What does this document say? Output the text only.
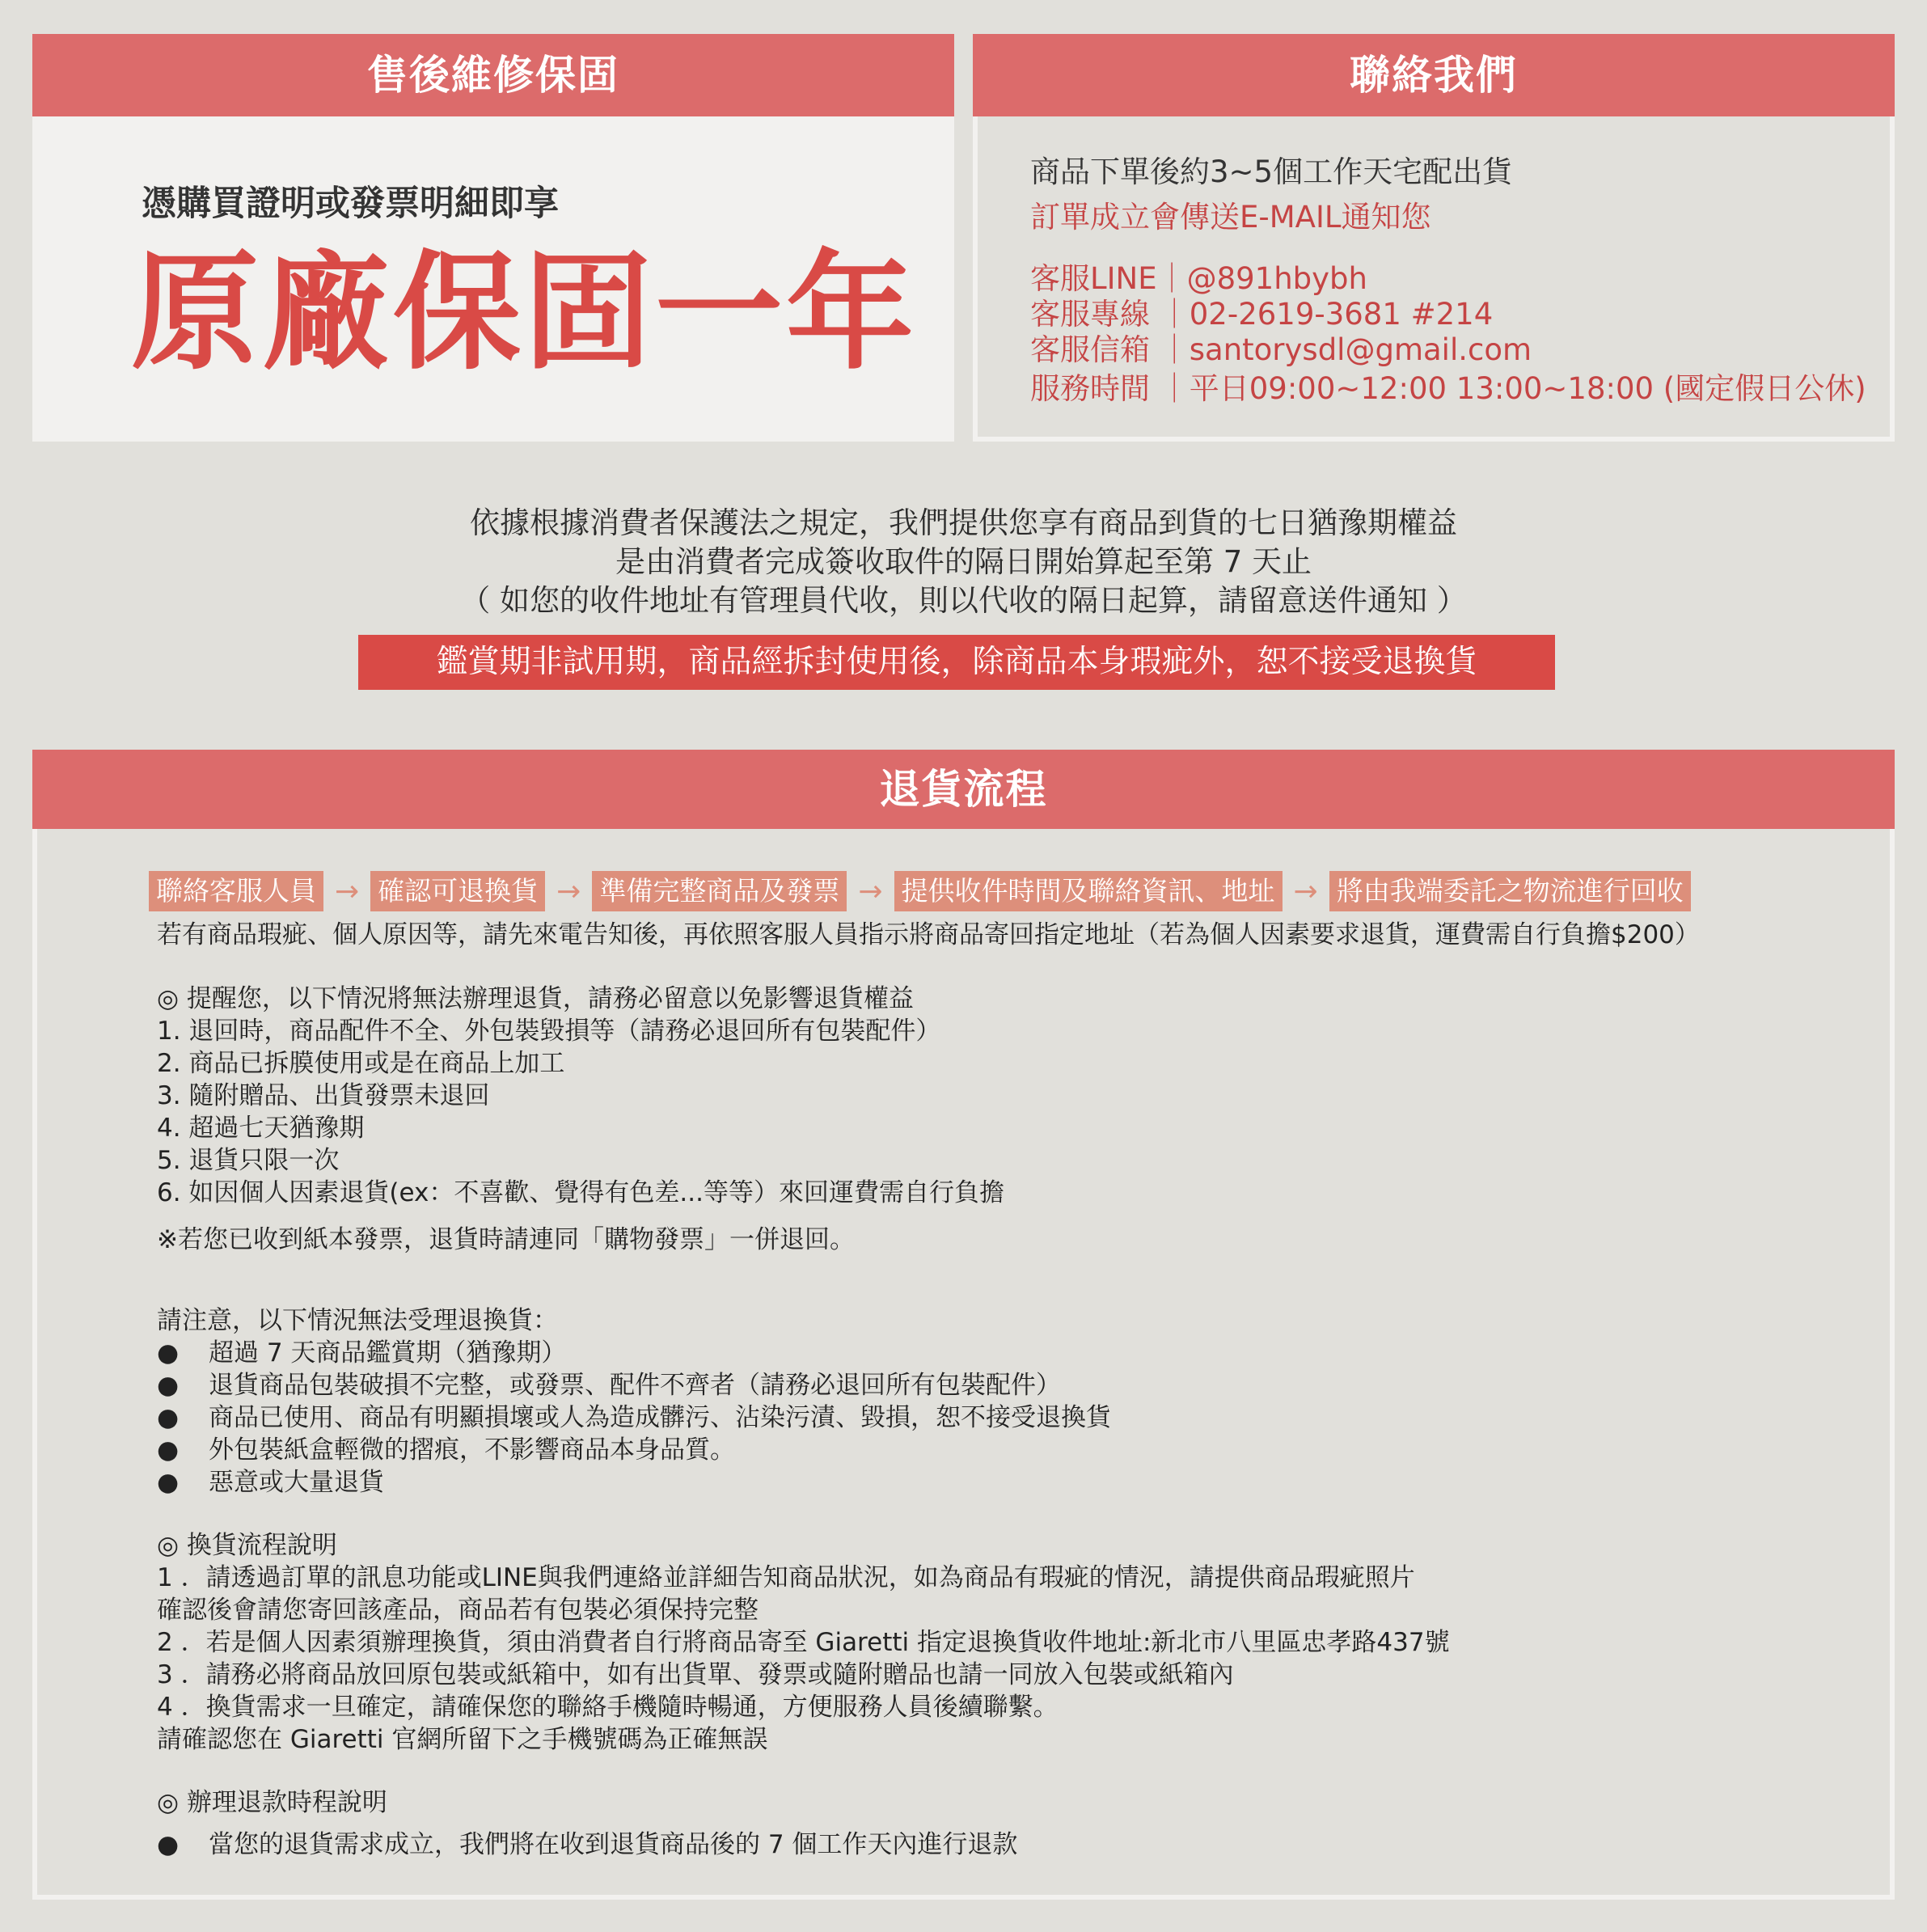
售後維修保固
憑購買證明或發票明細即享
原廠保固一年
聯絡我們
商品下單後約3~5個工作天宅配出貨
訂單成立會傳送E-MAIL通知您
客服LINE｜@891hbybh
客服專線 ｜02-2619-3681 #214
客服信箱 ｜santorysdl@gmail.com
服務時間 ｜平日09:00~12:00 13:00~18:00 (國定假日公休)
依據根據消費者保護法之規定，我們提供您享有商品到貨的七日猶豫期權益
是由消費者完成簽收取件的隔日開始算起至第 7 天止
（ 如您的收件地址有管理員代收，則以代收的隔日起算，請留意送件通知 ）
鑑賞期非試用期，商品經拆封使用後，除商品本身瑕疵外，恕不接受退換貨
退貨流程
聯絡客服人員 → 確認可退換貨 → 準備完整商品及發票 → 提供收件時間及聯絡資訊、地址 → 將由我端委託之物流進行回收
若有商品瑕疵、個人原因等，請先來電告知後，再依照客服人員指示將商品寄回指定地址（若為個人因素要求退貨，運費需自行負擔$200）
◎ 提醒您，以下情況將無法辦理退貨，請務必留意以免影響退貨權益
1. 退回時，商品配件不全、外包裝毀損等（請務必退回所有包裝配件）
2. 商品已拆膜使用或是在商品上加工
3. 隨附贈品、出貨發票未退回
4. 超過七天猶豫期
5. 退貨只限一次
6. 如因個人因素退貨(ex：不喜歡、覺得有色差...等等）來回運費需自行負擔
※若您已收到紙本發票，退貨時請連同「購物發票」一併退回。
請注意，以下情況無法受理退換貨：
● 超過 7 天商品鑑賞期（猶豫期）
● 退貨商品包裝破損不完整，或發票、配件不齊者（請務必退回所有包裝配件）
● 商品已使用、商品有明顯損壞或人為造成髒污、沾染污漬、毀損，恕不接受退換貨
● 外包裝紙盒輕微的摺痕，不影響商品本身品質。
● 惡意或大量退貨
◎ 換貨流程說明
1 ．請透過訂單的訊息功能或LINE與我們連絡並詳細告知商品狀況，如為商品有瑕疵的情況，請提供商品瑕疵照片
確認後會請您寄回該產品，商品若有包裝必須保持完整
2 ．若是個人因素須辦理換貨，須由消費者自行將商品寄至 Giaretti 指定退換貨收件地址:新北市八里區忠孝路437號
3 ．請務必將商品放回原包裝或紙箱中，如有出貨單、發票或隨附贈品也請一同放入包裝或紙箱內
4 ．換貨需求一旦確定，請確保您的聯絡手機隨時暢通，方便服務人員後續聯繫。
請確認您在 Giaretti 官網所留下之手機號碼為正確無誤
◎ 辦理退款時程說明
● 當您的退貨需求成立，我們將在收到退貨商品後的 7 個工作天內進行退款
